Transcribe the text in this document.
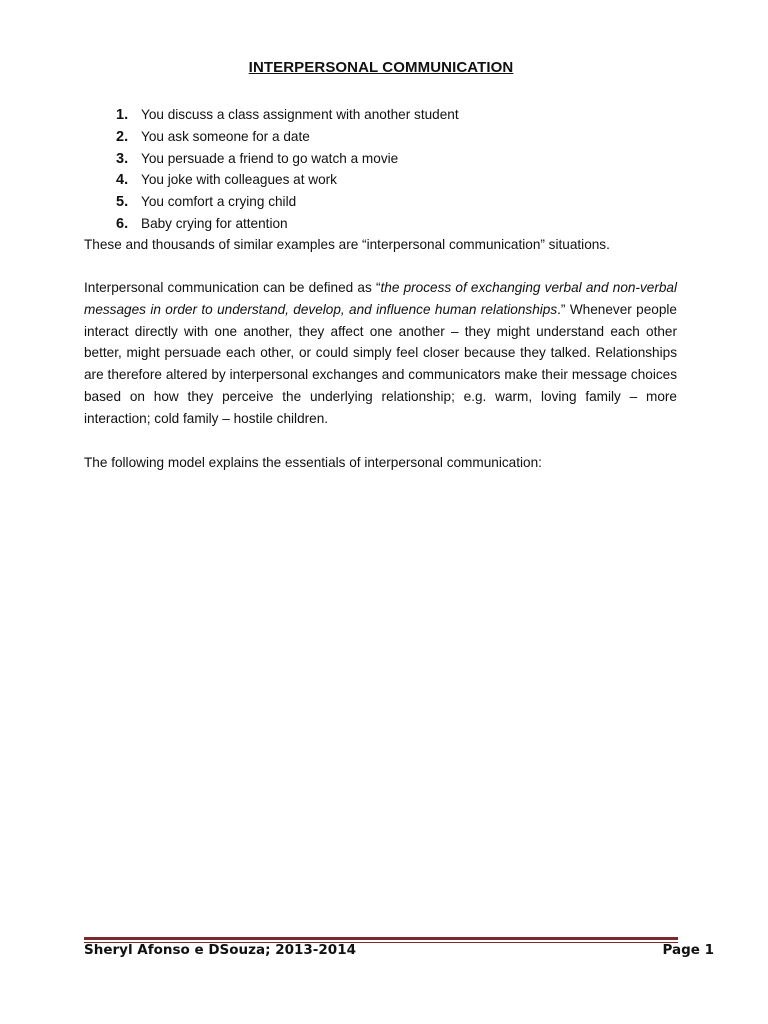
INTERPERSONAL COMMUNICATION
1. You discuss a class assignment with another student
2. You ask someone for a date
3. You persuade a friend to go watch a movie
4. You joke with colleagues at work
5. You comfort a crying child
6. Baby crying for attention

These and thousands of similar examples are “interpersonal communication” situations.

Interpersonal communication can be defined as “the process of exchanging verbal and non-verbal messages in order to understand, develop, and influence human relationships.” Whenever people interact directly with one another, they affect one another – they might understand each other better, might persuade each other, or could simply feel closer because they talked. Relationships are therefore altered by interpersonal exchanges and communicators make their message choices based on how they perceive the underlying relationship; e.g. warm, loving family – more interaction; cold family – hostile children.

The following model explains the essentials of interpersonal communication:

Sheryl Afonso e DSouza; 2013-2014	Page 1
